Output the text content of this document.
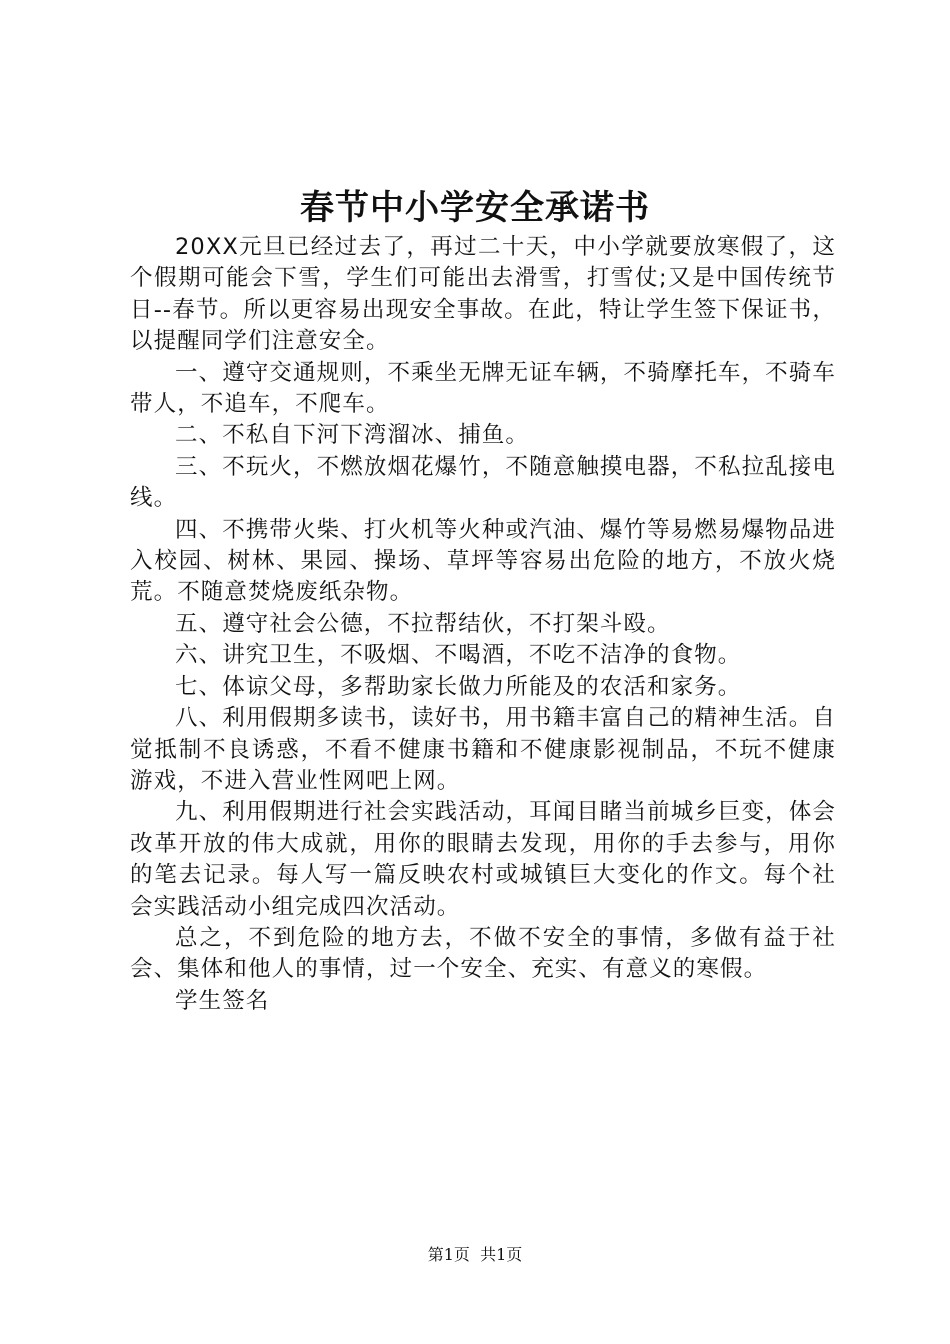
春节中小学安全承诺书

20XX元旦已经过去了，再过二十天，中小学就要放寒假了，这个假期可能会下雪，学生们可能出去滑雪，打雪仗;又是中国传统节日--春节。所以更容易出现安全事故。在此，特让学生签下保证书，以提醒同学们注意安全。

一、遵守交通规则，不乘坐无牌无证车辆，不骑摩托车，不骑车带人，不追车，不爬车。

二、不私自下河下湾溜冰、捕鱼。

三、不玩火，不燃放烟花爆竹，不随意触摸电器，不私拉乱接电线。

四、不携带火柴、打火机等火种或汽油、爆竹等易燃易爆物品进入校园、树林、果园、操场、草坪等容易出危险的地方，不放火烧荒。不随意焚烧废纸杂物。

五、遵守社会公德，不拉帮结伙，不打架斗殴。

六、讲究卫生，不吸烟、不喝酒，不吃不洁净的食物。

七、体谅父母，多帮助家长做力所能及的农活和家务。

八、利用假期多读书，读好书，用书籍丰富自己的精神生活。自觉抵制不良诱惑，不看不健康书籍和不健康影视制品，不玩不健康游戏，不进入营业性网吧上网。

九、利用假期进行社会实践活动，耳闻目睹当前城乡巨变，体会改革开放的伟大成就，用你的眼睛去发现，用你的手去参与，用你的笔去记录。每人写一篇反映农村或城镇巨大变化的作文。每个社会实践活动小组完成四次活动。

总之，不到危险的地方去，不做不安全的事情，多做有益于社会、集体和他人的事情，过一个安全、充实、有意义的寒假。

学生签名

第1页  共1页
